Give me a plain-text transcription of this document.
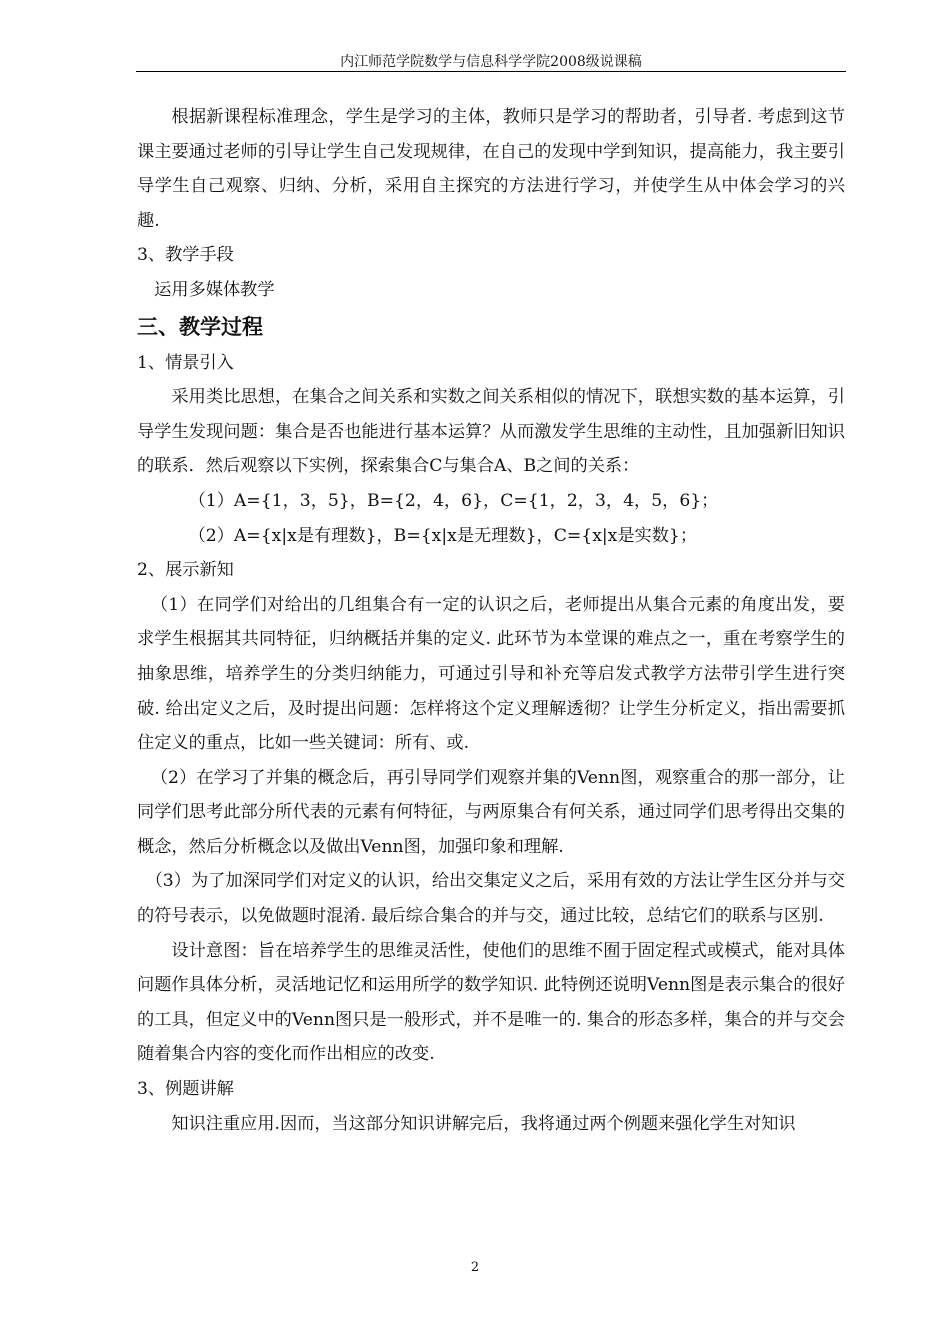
内江师范学院数学与信息科学学院2008级说课稿

根据新课程标准理念，学生是学习的主体，教师只是学习的帮助者，引导者. 考虑到这节课主要通过老师的引导让学生自己发现规律，在自己的发现中学到知识，提高能力，我主要引导学生自己观察、归纳、分析，采用自主探究的方法进行学习，并使学生从中体会学习的兴趣.

3、教学手段

运用多媒体教学

三、教学过程

1、情景引入

采用类比思想，在集合之间关系和实数之间关系相似的情况下，联想实数的基本运算，引导学生发现问题：集合是否也能进行基本运算？从而激发学生思维的主动性，且加强新旧知识的联系．然后观察以下实例，探索集合C与集合A、B之间的关系：

（1）A={1，3，5}，B={2，4，6}，C={1，2，3，4，5，6}；

（2）A={x|x是有理数}，B={x|x是无理数}，C={x|x是实数}；

2、展示新知

（1）在同学们对给出的几组集合有一定的认识之后，老师提出从集合元素的角度出发，要求学生根据其共同特征，归纳概括并集的定义. 此环节为本堂课的难点之一，重在考察学生的抽象思维，培养学生的分类归纳能力，可通过引导和补充等启发式教学方法带引学生进行突破. 给出定义之后，及时提出问题：怎样将这个定义理解透彻？让学生分析定义，指出需要抓住定义的重点，比如一些关键词：所有、或.

（2）在学习了并集的概念后，再引导同学们观察并集的Venn图，观察重合的那一部分，让同学们思考此部分所代表的元素有何特征，与两原集合有何关系，通过同学们思考得出交集的概念，然后分析概念以及做出Venn图，加强印象和理解.

（3）为了加深同学们对定义的认识，给出交集定义之后，采用有效的方法让学生区分并与交的符号表示，以免做题时混淆. 最后综合集合的并与交，通过比较，总结它们的联系与区别.

设计意图：旨在培养学生的思维灵活性，使他们的思维不囿于固定程式或模式，能对具体问题作具体分析，灵活地记忆和运用所学的数学知识. 此特例还说明Venn图是表示集合的很好的工具，但定义中的Venn图只是一般形式，并不是唯一的. 集合的形态多样，集合的并与交会随着集合内容的变化而作出相应的改变.

3、例题讲解

知识注重应用.因而，当这部分知识讲解完后，我将通过两个例题来强化学生对知识

2
